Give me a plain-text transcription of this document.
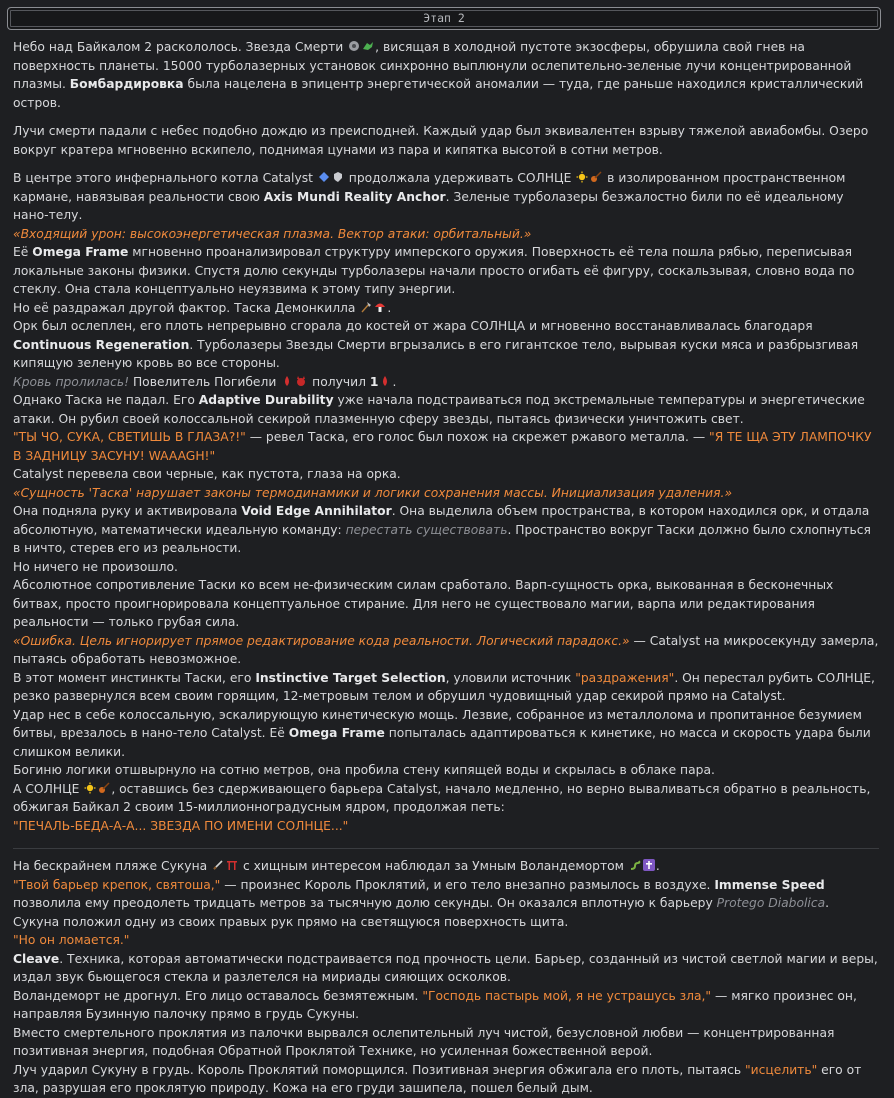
Этап 2

Небо над Байкалом 2 раскололось. Звезда Смерти , висящая в холодной пустоте экзосферы, обрушила свой гнев на поверхность планеты. 15000 турболазерных установок синхронно выплюнули ослепительно-зеленые лучи концентрированной плазмы. Бомбардировка была нацелена в эпицентр энергетической аномалии — туда, где раньше находился кристаллический остров.

Лучи смерти падали с небес подобно дождю из преисподней. Каждый удар был эквивалентен взрыву тяжелой авиабомбы. Озеро вокруг кратера мгновенно вскипело, поднимая цунами из пара и кипятка высотой в сотни метров.

В центре этого инфернального котла Catalyst  продолжала удерживать СОЛНЦЕ  в изолированном пространственном кармане, навязывая реальности свою Axis Mundi Reality Anchor. Зеленые турболазеры безжалостно били по её идеальному нано-телу.

«Входящий урон: высокоэнергетическая плазма. Вектор атаки: орбитальный.»

Её Omega Frame мгновенно проанализировал структуру имперского оружия. Поверхность её тела пошла рябью, переписывая локальные законы физики. Спустя долю секунды турболазеры начали просто огибать её фигуру, соскальзывая, словно вода по стеклу. Она стала концептуально неуязвима к этому типу энергии.

Но её раздражал другой фактор. Таска Демонкилла .

Орк был ослеплен, его плоть непрерывно сгорала до костей от жара СОЛНЦА и мгновенно восстанавливалась благодаря Continuous Regeneration. Турболазеры Звезды Смерти вгрызались в его гигантское тело, вырывая куски мяса и разбрызгивая кипящую зеленую кровь во все стороны.

Кровь пролилась! Повелитель Погибели  получил 1 .

Однако Таска не падал. Его Adaptive Durability уже начала подстраиваться под экстремальные температуры и энергетические атаки. Он рубил своей колоссальной секирой плазменную сферу звезды, пытаясь физически уничтожить свет.

"ТЫ ЧО, СУКА, СВЕТИШЬ В ГЛАЗА?!" — ревел Таска, его голос был похож на скрежет ржавого металла. — "Я ТЕ ЩА ЭТУ ЛАМПОЧКУ В ЗАДНИЦУ ЗАСУНУ! WAAAGH!"

Catalyst перевела свои черные, как пустота, глаза на орка.

«Сущность 'Таска' нарушает законы термодинамики и логики сохранения массы. Инициализация удаления.»

Она подняла руку и активировала Void Edge Annihilator. Она выделила объем пространства, в котором находился орк, и отдала абсолютную, математически идеальную команду: перестать существовать. Пространство вокруг Таски должно было схлопнуться в ничто, стерев его из реальности.

Но ничего не произошло.

Абсолютное сопротивление Таски ко всем не-физическим силам сработало. Варп-сущность орка, выкованная в бесконечных битвах, просто проигнорировала концептуальное стирание. Для него не существовало магии, варпа или редактирования реальности — только грубая сила.

«Ошибка. Цель игнорирует прямое редактирование кода реальности. Логический парадокс.» — Catalyst на микросекунду замерла, пытаясь обработать невозможное.

В этот момент инстинкты Таски, его Instinctive Target Selection, уловили источник "раздражения". Он перестал рубить СОЛНЦЕ, резко развернулся всем своим горящим, 12-метровым телом и обрушил чудовищный удар секирой прямо на Catalyst.

Удар нес в себе колоссальную, эскалирующую кинетическую мощь. Лезвие, собранное из металлолома и пропитанное безумием битвы, врезалось в нано-тело Catalyst. Её Omega Frame попыталась адаптироваться к кинетике, но масса и скорость удара были слишком велики.

Богиню логики отшвырнуло на сотню метров, она пробила стену кипящей воды и скрылась в облаке пара.

А СОЛНЦЕ , оставшись без сдерживающего барьера Catalyst, начало медленно, но верно вываливаться обратно в реальность, обжигая Байкал 2 своим 15-миллионноградусным ядром, продолжая петь:

"ПЕЧАЛЬ-БЕДА-А-А... ЗВЕЗДА ПО ИМЕНИ СОЛНЦЕ..."

На бескрайнем пляже Сукуна  с хищным интересом наблюдал за Умным Воландемортом .

"Твой барьер крепок, святоша," — произнес Король Проклятий, и его тело внезапно размылось в воздухе. Immense Speed позволила ему преодолеть тридцать метров за тысячную долю секунды. Он оказался вплотную к барьеру Protego Diabolica.

Сукуна положил одну из своих правых рук прямо на светящуюся поверхность щита.

"Но он ломается."

Cleave. Техника, которая автоматически подстраивается под прочность цели. Барьер, созданный из чистой светлой магии и веры, издал звук бьющегося стекла и разлетелся на мириады сияющих осколков.

Воландеморт не дрогнул. Его лицо оставалось безмятежным. "Господь пастырь мой, я не устрашусь зла," — мягко произнес он, направляя Бузинную палочку прямо в грудь Сукуны.

Вместо смертельного проклятия из палочки вырвался ослепительный луч чистой, безусловной любви — концентрированная позитивная энергия, подобная Обратной Проклятой Технике, но усиленная божественной верой.

Луч ударил Сукуну в грудь. Король Проклятий поморщился. Позитивная энергия обжигала его плоть, пытаясь "исцелить" его от зла, разрушая его проклятую природу. Кожа на его груди зашипела, пошел белый дым.
